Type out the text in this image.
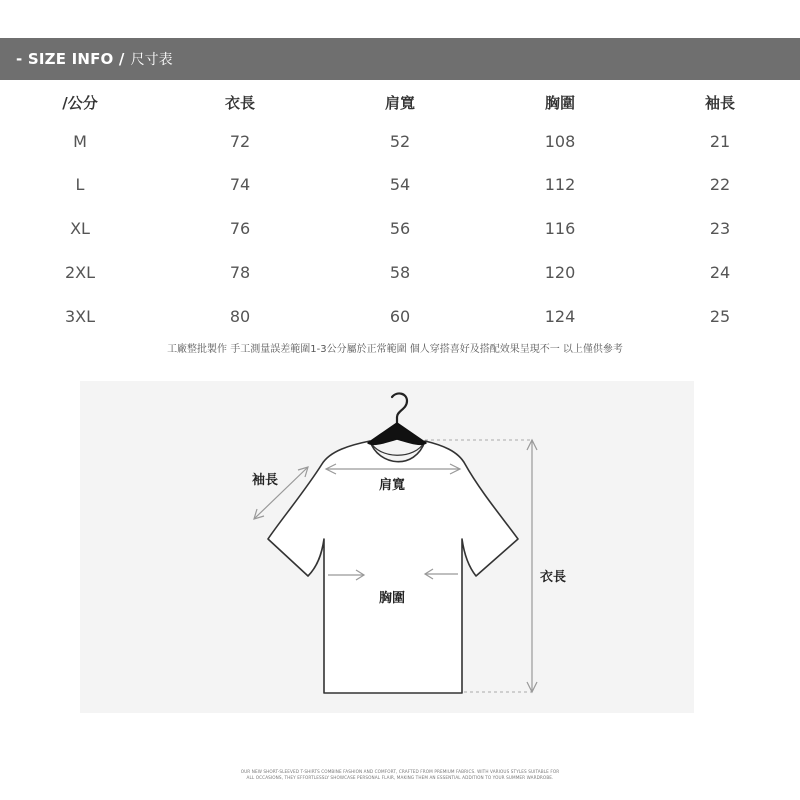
- SIZE INFO / 尺寸表
/公分	衣長	肩寬	胸圍	袖長
M	72	52	108	21
L	74	54	112	22
XL	76	56	116	23
2XL	78	58	120	24
3XL	80	60	124	25
工廠整批製作 手工測量誤差範圍1-3公分屬於正常範圍 個人穿搭喜好及搭配效果呈現不一 以上僅供參考
袖長	肩寬
胸圍
衣長
OUR NEW SHORT-SLEEVED T-SHIRTS COMBINE FASHION AND COMFORT, CRAFTED FROM PREMIUM FABRICS. WITH VARIOUS STYLES SUITABLE FOR
ALL OCCASIONS, THEY EFFORTLESSLY SHOWCASE PERSONAL FLAIR, MAKING THEM AN ESSENTIAL ADDITION TO YOUR SUMMER WARDROBE.
